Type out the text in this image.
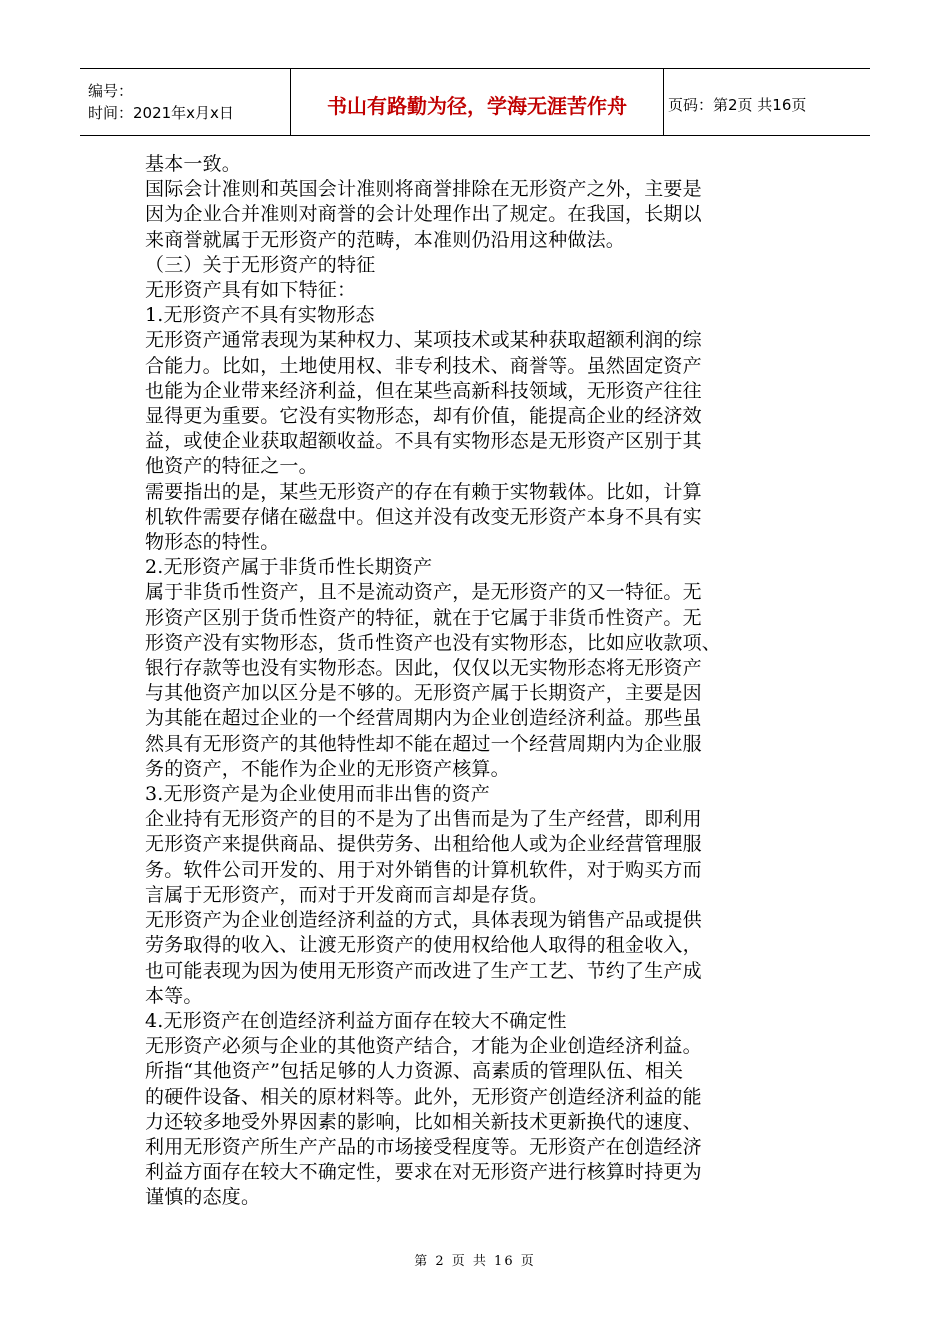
编号：
时间：2021年x月x日	书山有路勤为径，学海无涯苦作舟	页码：第2页 共16页

基本一致。

国际会计准则和英国会计准则将商誉排除在无形资产之外，主要是

因为企业合并准则对商誉的会计处理作出了规定。在我国，长期以

来商誉就属于无形资产的范畴，本准则仍沿用这种做法。

（三）关于无形资产的特征

无形资产具有如下特征：

1.无形资产不具有实物形态

无形资产通常表现为某种权力、某项技术或某种获取超额利润的综

合能力。比如，土地使用权、非专利技术、商誉等。虽然固定资产

也能为企业带来经济利益，但在某些高新科技领域，无形资产往往

显得更为重要。它没有实物形态，却有价值，能提高企业的经济效

益，或使企业获取超额收益。不具有实物形态是无形资产区别于其

他资产的特征之一。

需要指出的是，某些无形资产的存在有赖于实物载体。比如，计算

机软件需要存储在磁盘中。但这并没有改变无形资产本身不具有实

物形态的特性。

2.无形资产属于非货币性长期资产

属于非货币性资产，且不是流动资产，是无形资产的又一特征。无

形资产区别于货币性资产的特征，就在于它属于非货币性资产。无

形资产没有实物形态，货币性资产也没有实物形态，比如应收款项、

银行存款等也没有实物形态。因此，仅仅以无实物形态将无形资产

与其他资产加以区分是不够的。无形资产属于长期资产，主要是因

为其能在超过企业的一个经营周期内为企业创造经济利益。那些虽

然具有无形资产的其他特性却不能在超过一个经营周期内为企业服

务的资产，不能作为企业的无形资产核算。

3.无形资产是为企业使用而非出售的资产

企业持有无形资产的目的不是为了出售而是为了生产经营，即利用

无形资产来提供商品、提供劳务、出租给他人或为企业经营管理服

务。软件公司开发的、用于对外销售的计算机软件，对于购买方而

言属于无形资产，而对于开发商而言却是存货。

无形资产为企业创造经济利益的方式，具体表现为销售产品或提供

劳务取得的收入、让渡无形资产的使用权给他人取得的租金收入，

也可能表现为因为使用无形资产而改进了生产工艺、节约了生产成

本等。

4.无形资产在创造经济利益方面存在较大不确定性

无形资产必须与企业的其他资产结合，才能为企业创造经济利益。

所指“其他资产”包括足够的人力资源、高素质的管理队伍、相关

的硬件设备、相关的原材料等。此外，无形资产创造经济利益的能

力还较多地受外界因素的影响，比如相关新技术更新换代的速度、

利用无形资产所生产产品的市场接受程度等。无形资产在创造经济

利益方面存在较大不确定性，要求在对无形资产进行核算时持更为

谨慎的态度。

第 2 页 共 16 页
